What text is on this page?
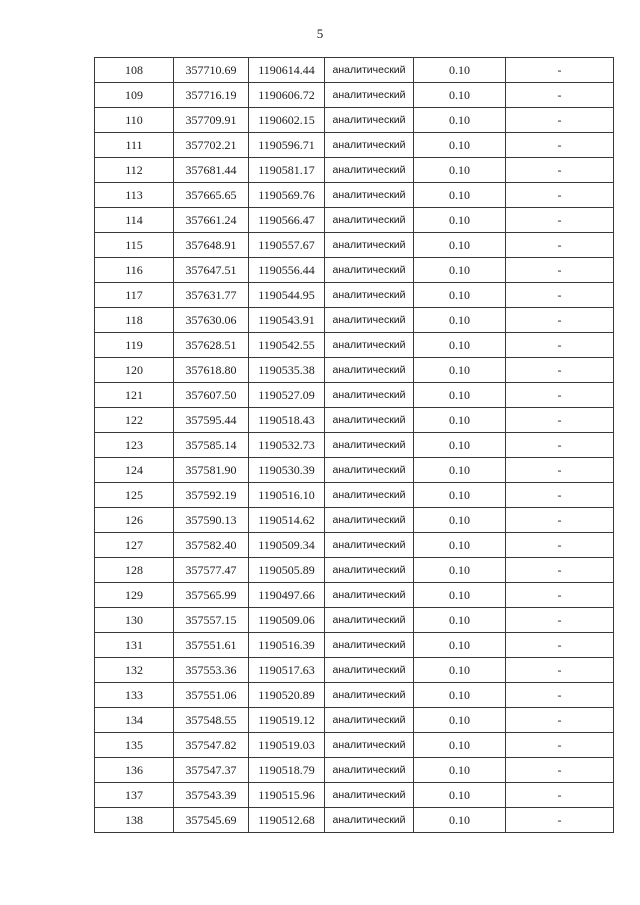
5
108	357710.69	1190614.44	аналитический	0.10	-
109	357716.19	1190606.72	аналитический	0.10	-
110	357709.91	1190602.15	аналитический	0.10	-
111	357702.21	1190596.71	аналитический	0.10	-
112	357681.44	1190581.17	аналитический	0.10	-
113	357665.65	1190569.76	аналитический	0.10	-
114	357661.24	1190566.47	аналитический	0.10	-
115	357648.91	1190557.67	аналитический	0.10	-
116	357647.51	1190556.44	аналитический	0.10	-
117	357631.77	1190544.95	аналитический	0.10	-
118	357630.06	1190543.91	аналитический	0.10	-
119	357628.51	1190542.55	аналитический	0.10	-
120	357618.80	1190535.38	аналитический	0.10	-
121	357607.50	1190527.09	аналитический	0.10	-
122	357595.44	1190518.43	аналитический	0.10	-
123	357585.14	1190532.73	аналитический	0.10	-
124	357581.90	1190530.39	аналитический	0.10	-
125	357592.19	1190516.10	аналитический	0.10	-
126	357590.13	1190514.62	аналитический	0.10	-
127	357582.40	1190509.34	аналитический	0.10	-
128	357577.47	1190505.89	аналитический	0.10	-
129	357565.99	1190497.66	аналитический	0.10	-
130	357557.15	1190509.06	аналитический	0.10	-
131	357551.61	1190516.39	аналитический	0.10	-
132	357553.36	1190517.63	аналитический	0.10	-
133	357551.06	1190520.89	аналитический	0.10	-
134	357548.55	1190519.12	аналитический	0.10	-
135	357547.82	1190519.03	аналитический	0.10	-
136	357547.37	1190518.79	аналитический	0.10	-
137	357543.39	1190515.96	аналитический	0.10	-
138	357545.69	1190512.68	аналитический	0.10	-
